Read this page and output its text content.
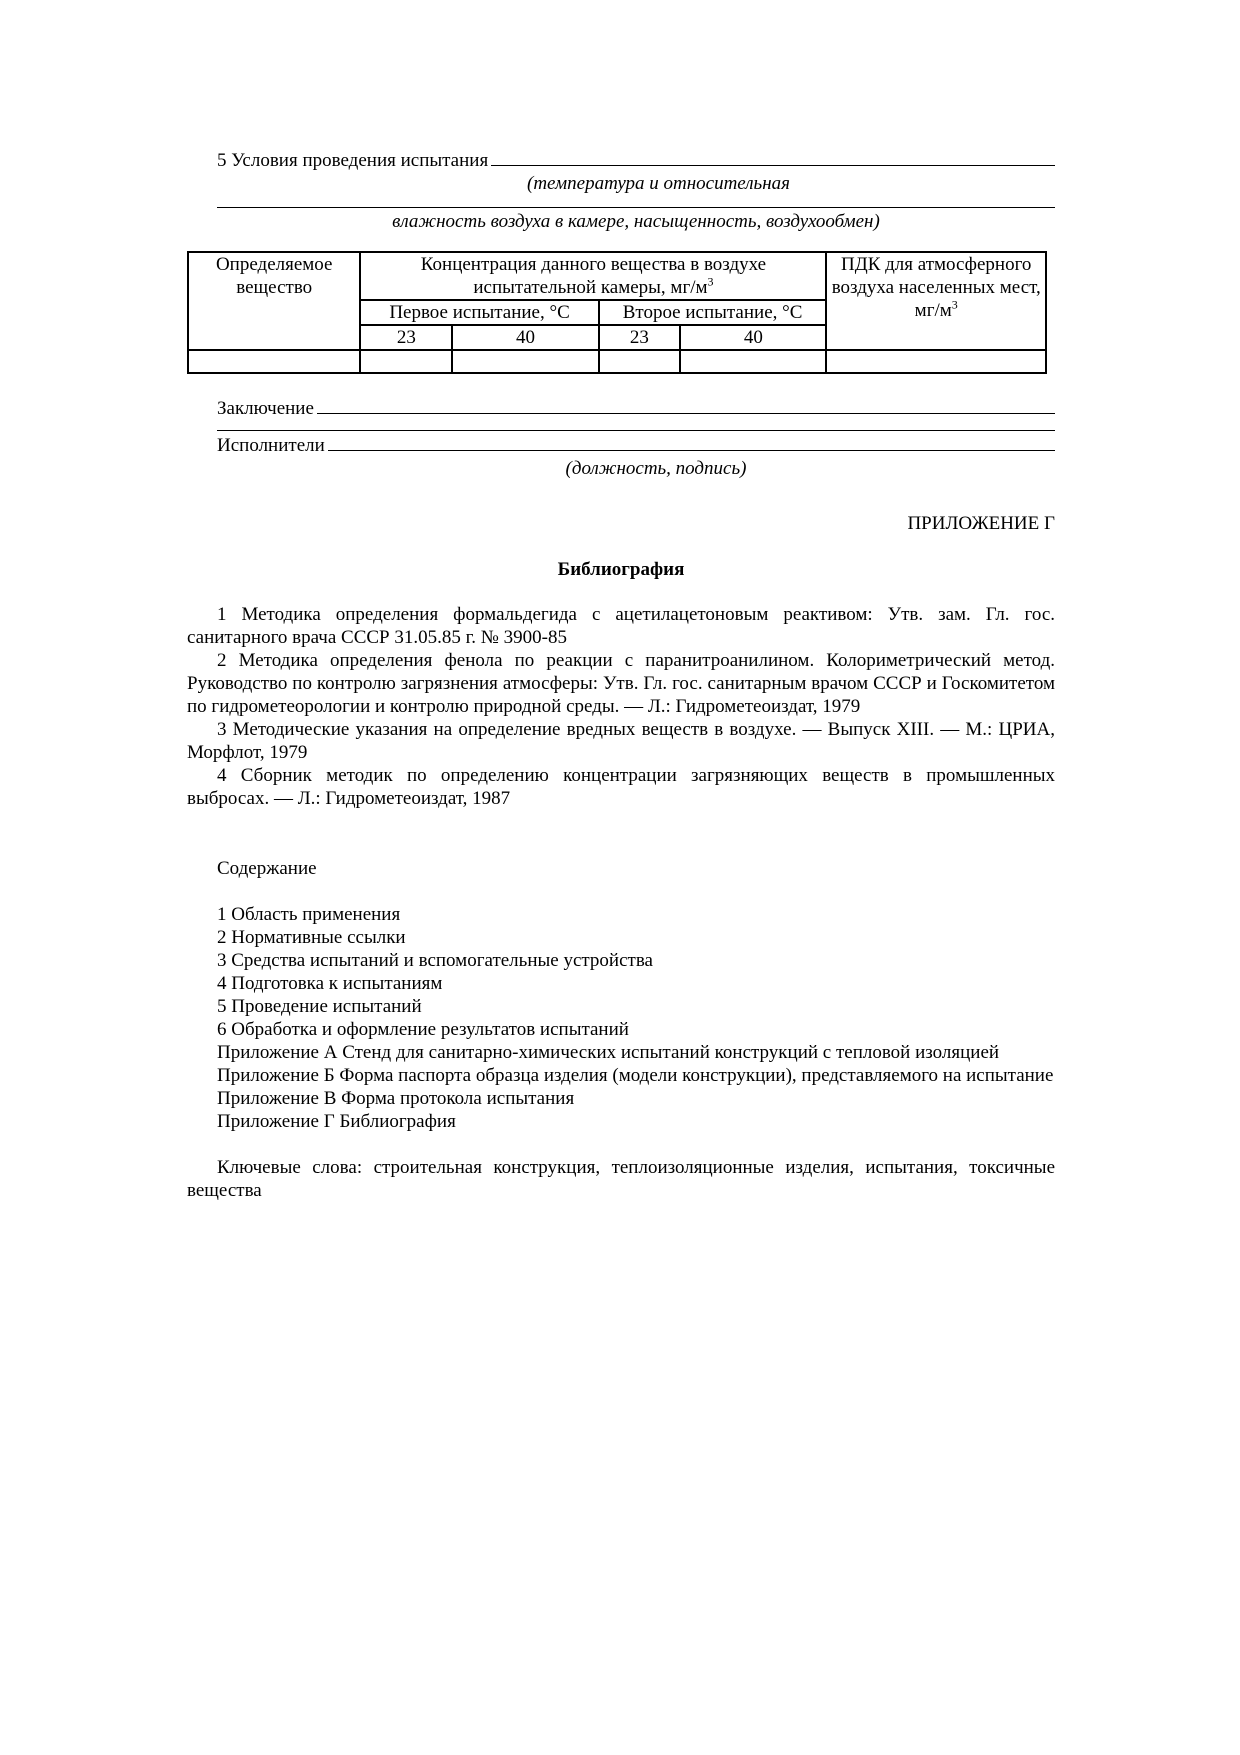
5 Условия проведения испытания
(температура и относительная
влажность воздуха в камере, насыщенность, воздухообмен)
Определяемое вещество	Концентрация данного вещества в воздухе испытательной камеры, $мг/м^3$				ПДК для атмосферного воздуха населенных мест, $мг/м^3$
	Первое испытание, °С		Второе испытание, °С		
	23	40	23	40	

Заключение
Исполнители
(должность, подпись)
ПРИЛОЖЕНИЕ Г
Библиография

1 Методика определения формальдегида с ацетилацетоновым реактивом: Утв. зам. Гл. гос. санитарного врача СССР 31.05.85 г. № 3900-85

2 Методика определения фенола по реакции с паранитроанилином. Колориметрический метод. Руководство по контролю загрязнения атмосферы: Утв. Гл. гос. санитарным врачом СССР и Госкомитетом по гидрометеорологии и контролю природной среды. — Л.: Гидрометеоиздат, 1979

3 Методические указания на определение вредных веществ в воздухе. — Выпуск XIII. — М.: ЦРИА, Морфлот, 1979

4 Сборник методик по определению концентрации загрязняющих веществ в промышленных выбросах. — Л.: Гидрометеоиздат, 1987

Содержание

1 Область применения

2 Нормативные ссылки

3 Средства испытаний и вспомогательные устройства

4 Подготовка к испытаниям

5 Проведение испытаний

6 Обработка и оформление результатов испытаний

Приложение А Стенд для санитарно-химических испытаний конструкций с тепловой изоляцией

Приложение Б Форма паспорта образца изделия (модели конструкции), представляемого на испытание

Приложение В Форма протокола испытания

Приложение Г Библиография

Ключевые слова: строительная конструкция, теплоизоляционные изделия, испытания, токсичные вещества
